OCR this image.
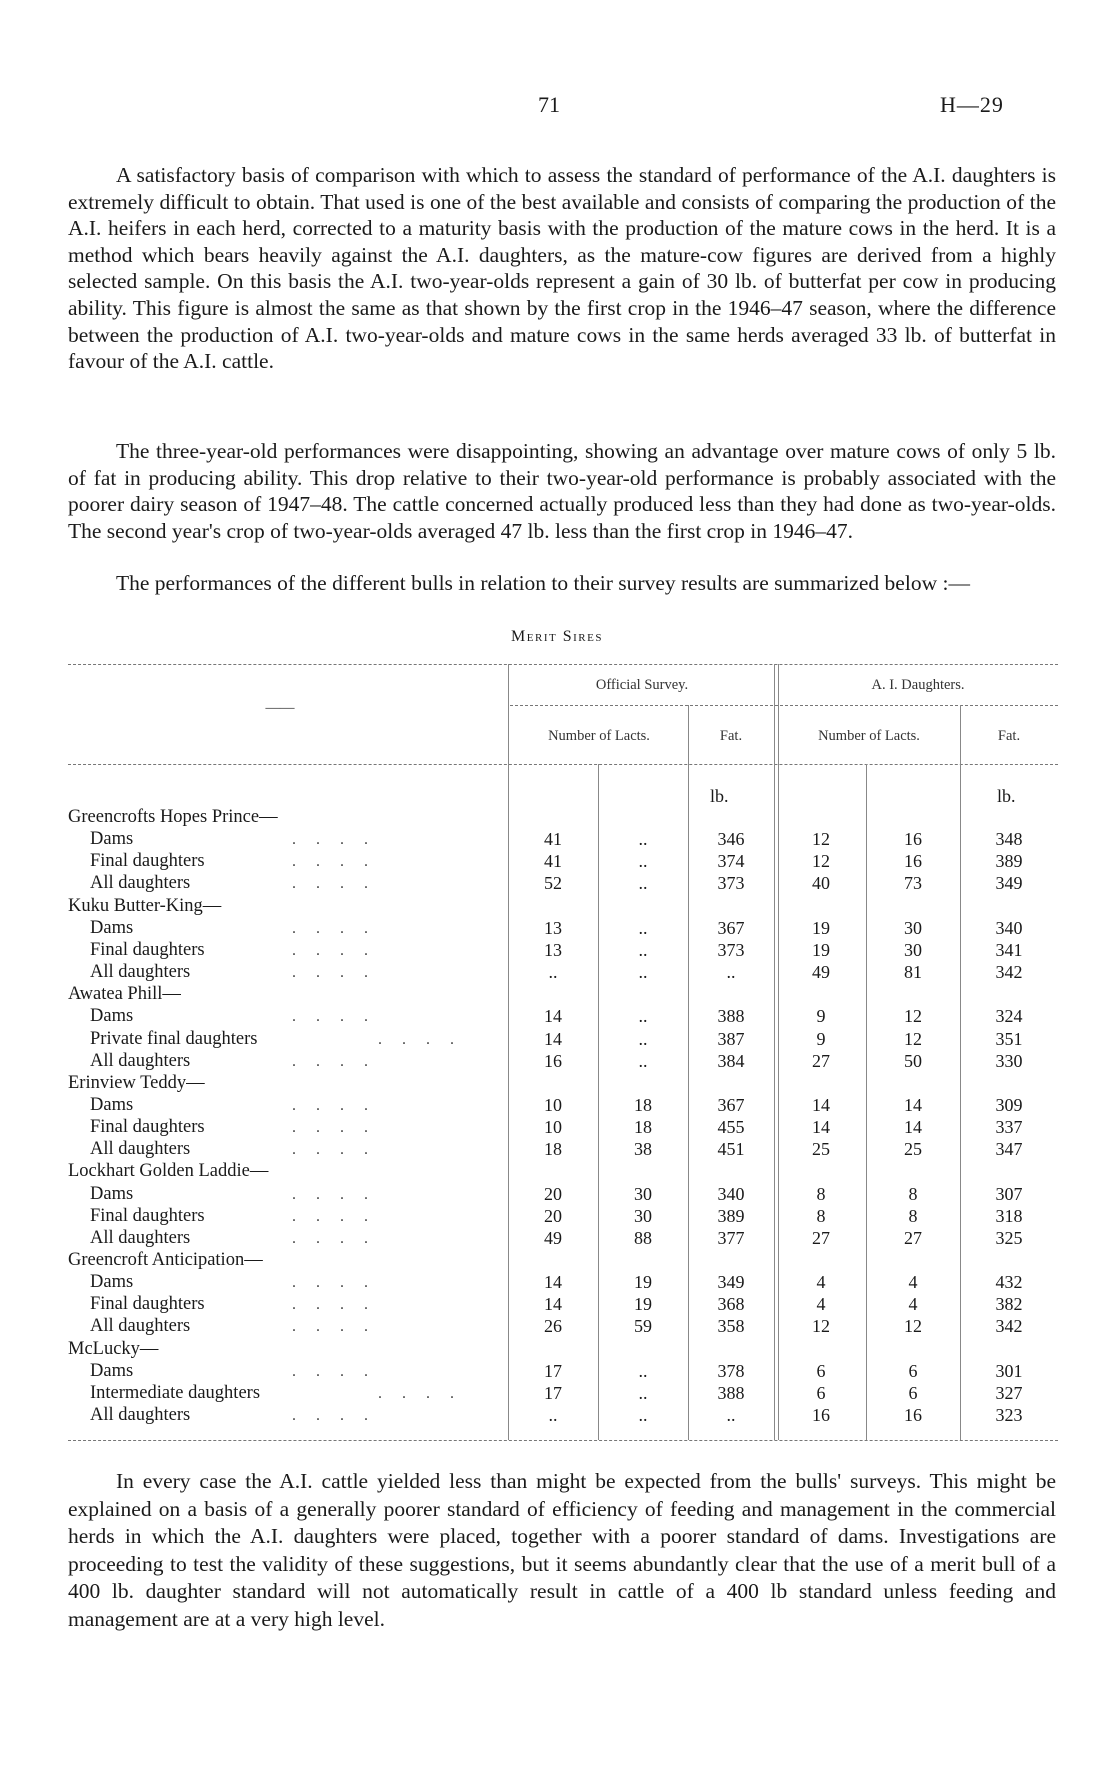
71	H—29

A satisfactory basis of comparison with which to assess the standard of performance of the A.I. daughters is extremely difficult to obtain. That used is one of the best available and consists of comparing the production of the A.I. heifers in each herd, corrected to a maturity basis with the production of the mature cows in the herd. It is a method which bears heavily against the A.I. daughters, as the mature-cow figures are derived from a highly selected sample. On this basis the A.I. two-year-olds represent a gain of 30 lb. of butterfat per cow in producing ability. This figure is almost the same as that shown by the first crop in the 1946–47 season, where the difference between the production of A.I. two-year-olds and mature cows in the same herds averaged 33 lb. of butterfat in favour of the A.I. cattle.

The three-year-old performances were disappointing, showing an advantage over mature cows of only 5 lb. of fat in producing ability. This drop relative to their two-year-old performance is probably associated with the poorer dairy season of 1947–48. The cattle concerned actually produced less than they had done as two-year-olds. The second year's crop of two-year-olds averaged 47 lb. less than the first crop in 1946–47.

The performances of the different bulls in relation to their survey results are summarized below :—

Merit Sires
——
Official Survey.	A. I. Daughters.
Number of Lacts.	Fat.	Number of Lacts.	Fat.
lb.	lb.
Greencrofts Hopes Prince—
Dams	. . . .	41	..	346	12	16	348
Final daughters	. . . .	41	..	374	12	16	389
All daughters	. . . .	52	..	373	40	73	349
Kuku Butter-King—
Dams	. . . .	13	..	367	19	30	340
Final daughters	. . . .	13	..	373	19	30	341
All daughters	. . . .	..	..	..	49	81	342
Awatea Phill—
Dams	. . . .	14	..	388	9	12	324
Private final daughters	. . . .	14	..	387	9	12	351
All daughters	. . . .	16	..	384	27	50	330
Erinview Teddy—
Dams	. . . .	10	18	367	14	14	309
Final daughters	. . . .	10	18	455	14	14	337
All daughters	. . . .	18	38	451	25	25	347
Lockhart Golden Laddie—
Dams	. . . .	20	30	340	8	8	307
Final daughters	. . . .	20	30	389	8	8	318
All daughters	. . . .	49	88	377	27	27	325
Greencroft Anticipation—
Dams	. . . .	14	19	349	4	4	432
Final daughters	. . . .	14	19	368	4	4	382
All daughters	. . . .	26	59	358	12	12	342
McLucky—
Dams	. . . .	17	..	378	6	6	301
Intermediate daughters	. . . .	17	..	388	6	6	327
All daughters	. . . .	..	..	..	16	16	323

In every case the A.I. cattle yielded less than might be expected from the bulls' surveys. This might be explained on a basis of a generally poorer standard of efficiency of feeding and management in the commercial herds in which the A.I. daughters were placed, together with a poorer standard of dams. Investigations are proceeding to test the validity of these suggestions, but it seems abundantly clear that the use of a merit bull of a 400 lb. daughter standard will not automatically result in cattle of a 400 lb standard unless feeding and management are at a very high level.
